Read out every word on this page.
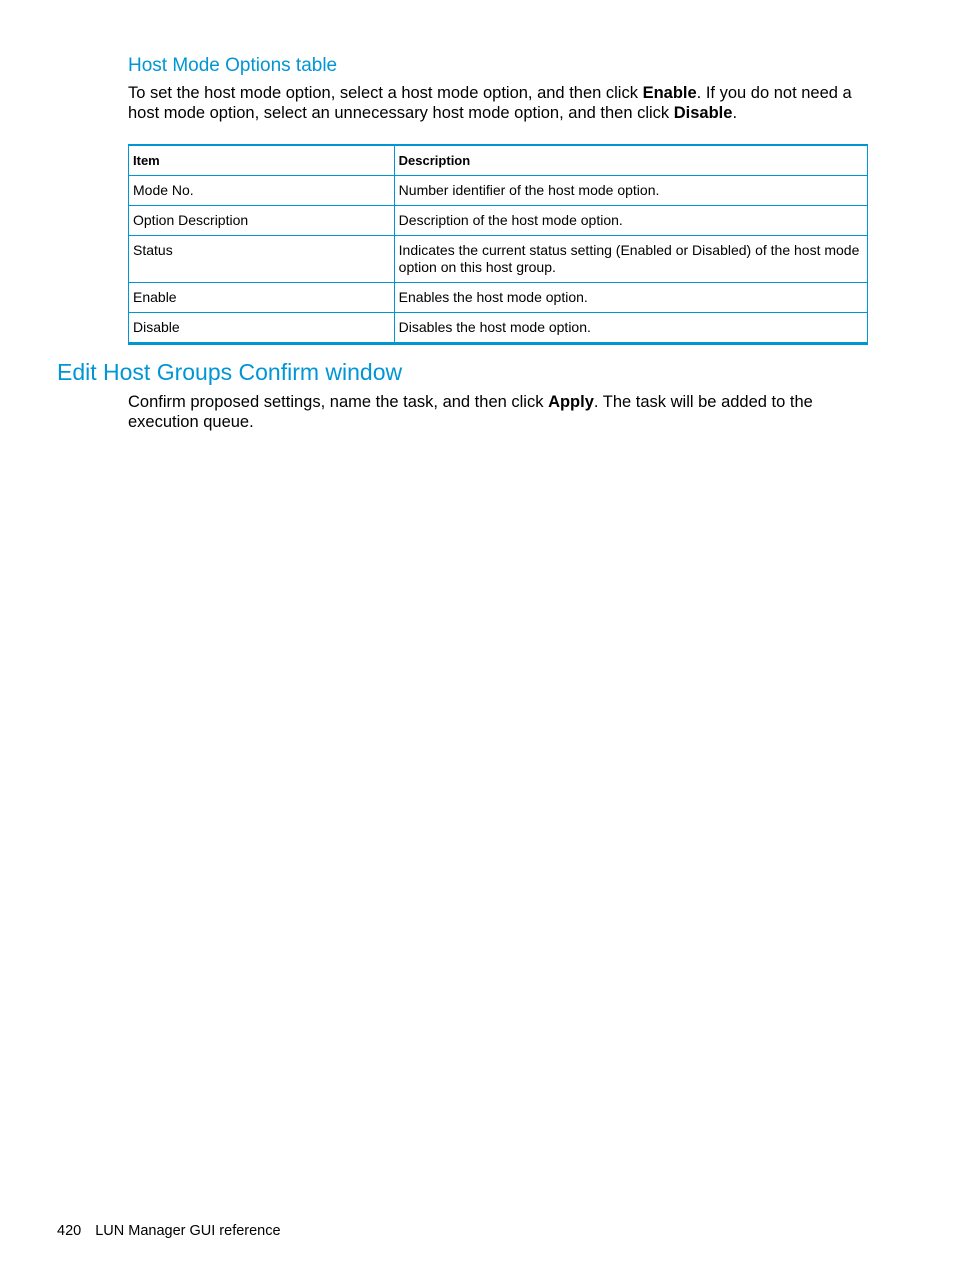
Host Mode Options table

To set the host mode option, select a host mode option, and then click Enable. If you do not need a host mode option, select an unnecessary host mode option, and then click Disable.

Item	Description
Mode No.	Number identifier of the host mode option.
Option Description	Description of the host mode option.
Status	Indicates the current status setting (Enabled or Disabled) of the host mode option on this host group.
Enable	Enables the host mode option.
Disable	Disables the host mode option.
Edit Host Groups Confirm window

Confirm proposed settings, name the task, and then click Apply. The task will be added to the execution queue.

420 LUN Manager GUI reference
